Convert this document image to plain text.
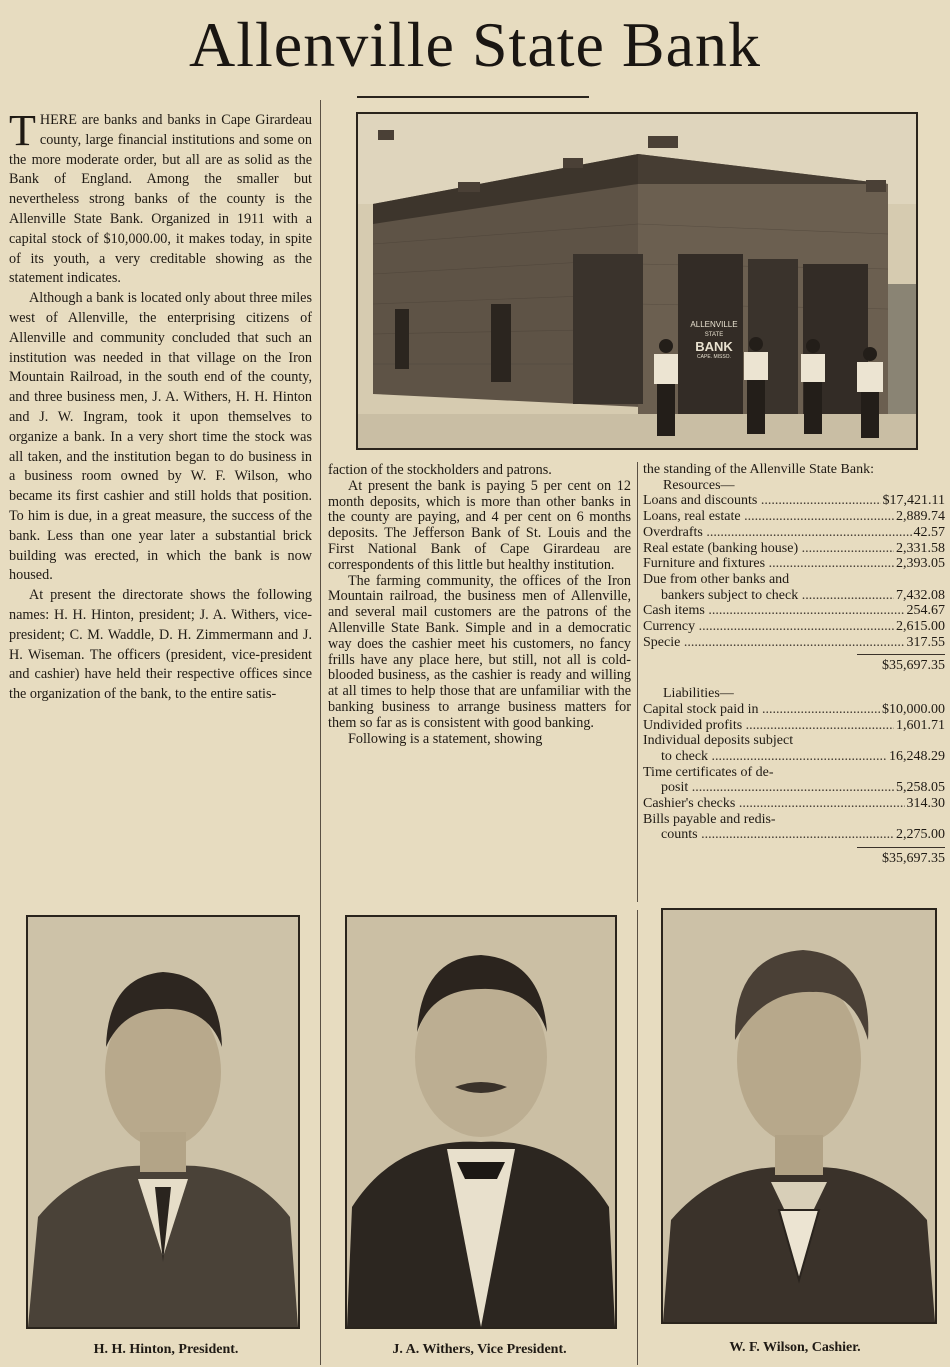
Allenville State Bank

THERE are banks and banks in Cape Girardeau county, large financial institutions and some on the more moderate order, but all are as solid as the Bank of England. Among the smaller but nevertheless strong banks of the county is the Allenville State Bank. Organized in 1911 with a capital stock of $10,000.00, it makes today, in spite of its youth, a very creditable showing as the statement indicates.

Although a bank is located only about three miles west of Allenville, the enterprising citizens of Allenville and community concluded that such an institution was needed in that village on the Iron Mountain Railroad, in the south end of the county, and three business men, J. A. Withers, H. H. Hinton and J. W. Ingram, took it upon themselves to organize a bank. In a very short time the stock was all taken, and the institution began to do business in a business room owned by W. F. Wilson, who became its first cashier and still holds that position. To him is due, in a great measure, the success of the bank. Less than one year later a substantial brick building was erected, in which the bank is now housed.

At present the directorate shows the following names: H. H. Hinton, president; J. A. Withers, vice-president; C. M. Waddle, D. H. Zimmermann and J. H. Wiseman. The officers (president, vice-president and cashier) have held their respective offices since the organization of the bank, to the entire satis-

ALLENVILLE
STATE
BANK
CAPE. MISSO.

faction of the stockholders and patrons.

At present the bank is paying 5 per cent on 12 month deposits, which is more than other banks in the county are paying, and 4 per cent on 6 months deposits. The Jefferson Bank of St. Louis and the First National Bank of Cape Girardeau are correspondents of this little but healthy institution.

The farming community, the offices of the Iron Mountain railroad, the business men of Allenville, and several mail customers are the patrons of the Allenville State Bank. Simple and in a democratic way does the cashier meet his customers, no fancy frills have any place here, but still, not all is cold-blooded business, as the cashier is ready and willing at all times to help those that are unfamiliar with the banking business to arrange business matters for them so far as is consistent with good banking.

Following is a statement, showing

the standing of the Allenville State Bank:
Resources—
Loans and discounts .....	$17,421.11
Loans, real estate .....	2,889.74
Overdrafts .....	42.57
Real estate (banking house) .....	2,331.58
Furniture and fixtures .....	2,393.05
Due from other banks and
bankers subject to check .....	7,432.08
Cash items .....	254.67
Currency .....	2,615.00
Specie .....	317.55
$35,697.35
Liabilities—
Capital stock paid in .....	$10,000.00
Undivided profits .....	1,601.71
Individual deposits subject
to check .....	16,248.29
Time certificates of de-
posit .....	5,258.05
Cashier's checks .....	314.30
Bills payable and redis-
counts .....	2,275.00
$35,697.35
H. H. Hinton, President.	J. A. Withers, Vice President.	W. F. Wilson, Cashier.
